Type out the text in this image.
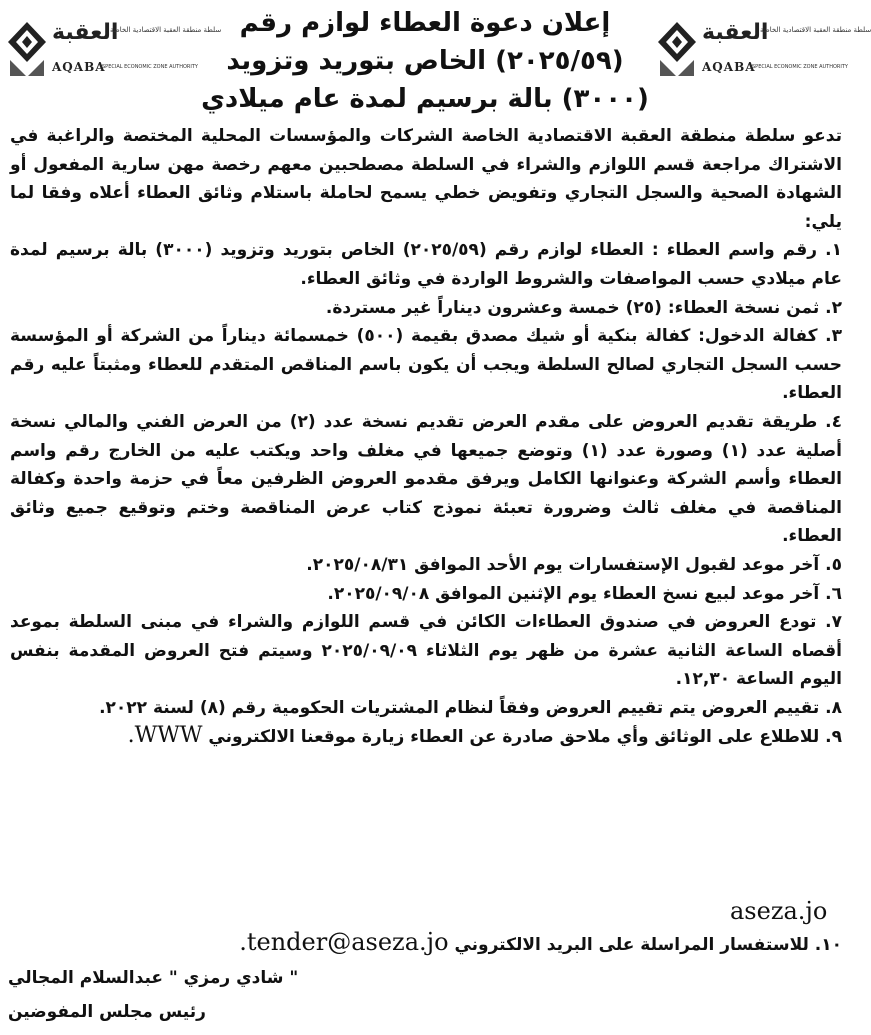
العقبة
سلطة منطقة العقبة الاقتصادية الخاصة
AQABA
SPECIAL ECONOMIC ZONE AUTHORITY
إعلان دعوة العطاء لوازم رقم
(٢٠٢٥/٥٩) الخاص بتوريد وتزويد
(٣٠٠٠) بالة برسيم لمدة عام ميلادي
العقبة
سلطة منطقة العقبة الاقتصادية الخاصة
AQABA
SPECIAL ECONOMIC ZONE AUTHORITY

تدعو سلطة منطقة العقبة الاقتصادية الخاصة الشركات والمؤسسات المحلية المختصة والراغبة في الاشتراك مراجعة قسم اللوازم والشراء في السلطة مصطحبين معهم رخصة مهن سارية المفعول أو الشهادة الصحية والسجل التجاري وتفويض خطي يسمح لحاملة باستلام وثائق العطاء أعلاه وفقا لما يلي:

١. رقم واسم العطاء : العطاء لوازم رقم (٢٠٢٥/٥٩) الخاص بتوريد وتزويد (٣٠٠٠) بالة برسيم لمدة عام ميلادي حسب المواصفات والشروط الواردة في وثائق العطاء.

٢. ثمن نسخة العطاء: (٢٥) خمسة وعشرون ديناراً غير مستردة.

٣. كفالة الدخول: كفالة بنكية أو شيك مصدق بقيمة (٥٠٠) خمسمائة ديناراً من الشركة أو المؤسسة حسب السجل التجاري لصالح السلطة ويجب أن يكون باسم المناقص المتقدم للعطاء ومثبتاً عليه رقم العطاء.

٤. طريقة تقديم العروض على مقدم العرض تقديم نسخة عدد (٢) من العرض الفني والمالي نسخة أصلية عدد (١) وصورة عدد (١) وتوضع جميعها في مغلف واحد ويكتب عليه من الخارج رقم واسم العطاء وأسم الشركة وعنوانها الكامل ويرفق مقدمو العروض الظرفين معاً في حزمة واحدة وكفالة المناقصة في مغلف ثالث وضرورة تعبئة نموذج كتاب عرض المناقصة وختم وتوقيع جميع وثائق العطاء.

٥. آخر موعد لقبول الإستفسارات يوم الأحد الموافق ٢٠٢٥/٠٨/٣١.

٦. آخر موعد لبيع نسخ العطاء يوم الإثنين الموافق ٢٠٢٥/٠٩/٠٨.

٧. تودع العروض في صندوق العطاءات الكائن في قسم اللوازم والشراء في مبنى السلطة بموعد أقصاه الساعة الثانية عشرة من ظهر يوم الثلاثاء ٢٠٢٥/٠٩/٠٩ وسيتم فتح العروض المقدمة بنفس اليوم الساعة ١٢,٣٠.

٨. تقييم العروض يتم تقييم العروض وفقاً لنظام المشتريات الحكومية رقم (٨) لسنة ٢٠٢٢.

٩. للاطلاع على الوثائق وأي ملاحق صادرة عن العطاء زيارة موقعنا الالكتروني WWW.

aseza.jo
١٠. للاستفسار المراسلة على البريد الالكتروني tender@aseza.jo.
" شادي رمزي " عبدالسلام المجالي
رئيس مجلس المفوضين
